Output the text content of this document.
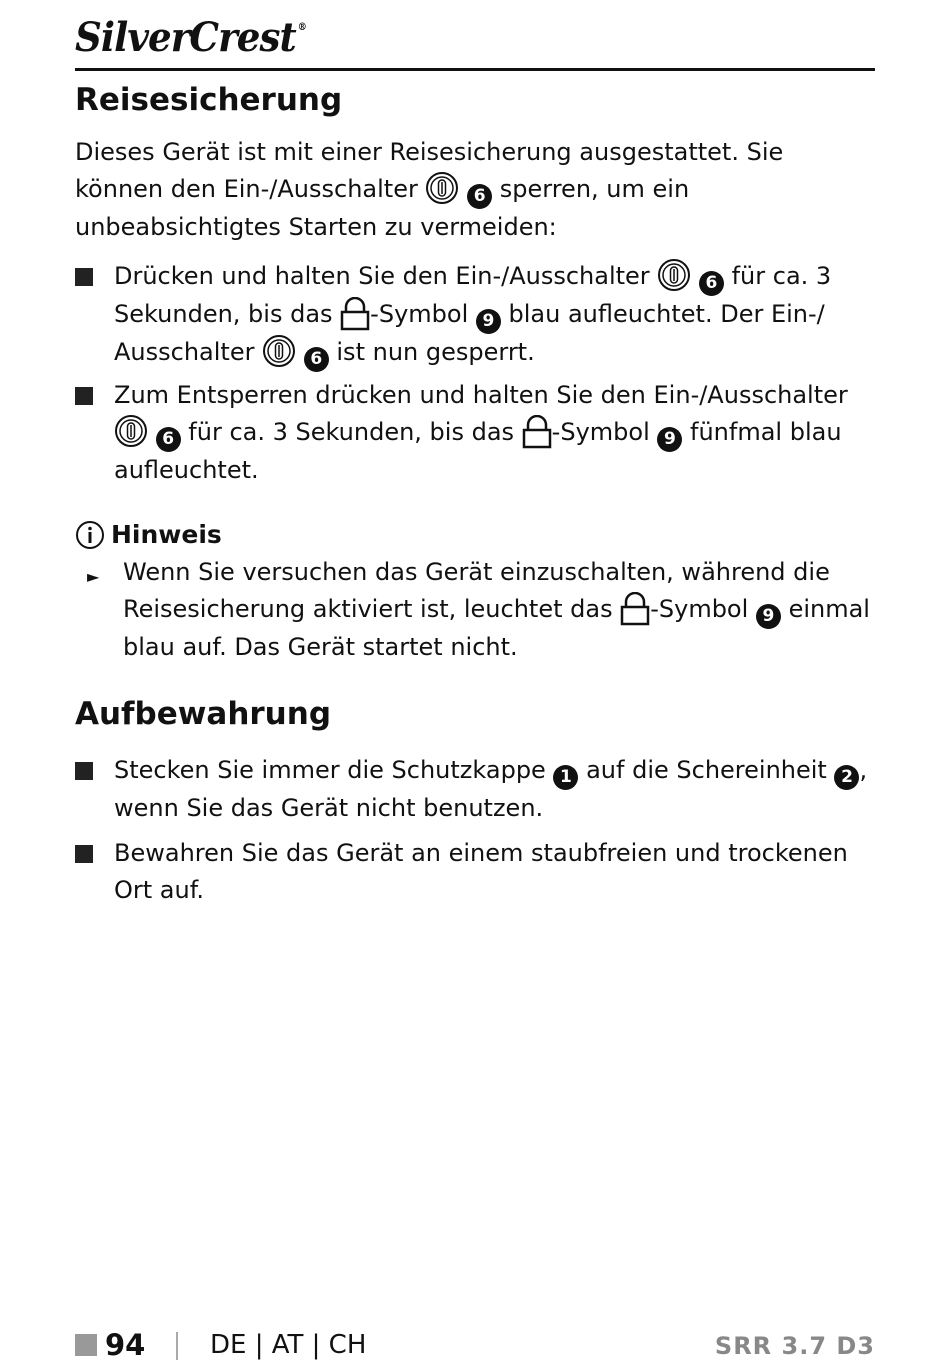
SilverCrest ®
Reisesicherung
Dieses Gerät ist mit einer Reisesicherung ausgestattet. Sie können den Ein-/Ausschalter	6 sperren, um ein unbeabsichtigtes Starten zu vermeiden:
Drücken und halten Sie den Ein-/Ausschalter	6 für ca. 3 Sekunden, bis das -Symbol 9 blau aufleuchtet. Der Ein-/ Ausschalter	6 ist nun gesperrt.
Zum Entsperren drücken und halten Sie den Ein-/Ausschalter  6 für ca. 3 Sekunden, bis das -Symbol 9 fünfmal blau aufleuchtet.
Hinweis
► Wenn Sie versuchen das Gerät einzuschalten, während die Reisesicherung aktiviert ist, leuchtet das -Symbol 9 einmal blau auf. Das Gerät startet nicht.
Aufbewahrung
Stecken Sie immer die Schutzkappe 1 auf die Schereinheit 2 , wenn Sie das Gerät nicht benutzen.
Bewahren Sie das Gerät an einem staubfreien und trockenen Ort auf.
94 DE | AT | CH	SRR 3.7 D3
